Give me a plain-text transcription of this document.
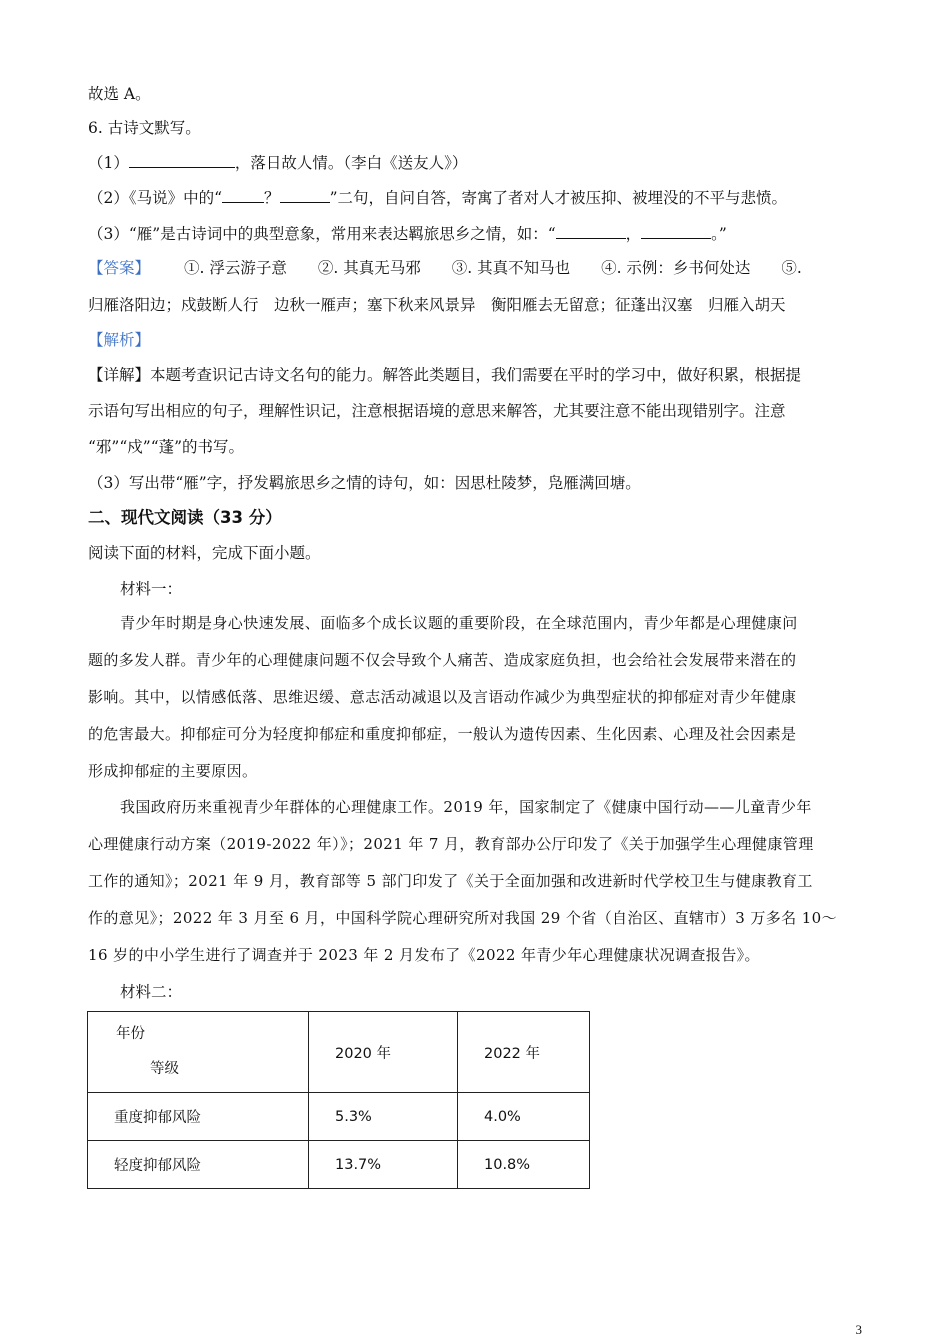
故选 A。
6. 古诗文默写。
（1）	，落日故人情。（李白《送友人》）
（2）《马说》中的“	？	”二句，自问自答，寄寓了者对人才被压抑、被埋没的不平与悲愤。
（3）“雁”是古诗词中的典型意象，常用来表达羁旅思乡之情，如：“	，	。”
【答案】 ①. 浮云游子意　　②. 其真无马邪　　③. 其真不知马也　　④. 示例：乡书何处达　　⑤.
归雁洛阳边；戍鼓断人行　边秋一雁声；塞下秋来风景异　衡阳雁去无留意；征蓬出汉塞　归雁入胡天
【解析】
【详解】本题考查识记古诗文名句的能力。解答此类题目，我们需要在平时的学习中，做好积累，根据提
示语句写出相应的句子，理解性识记，注意根据语境的意思来解答，尤其要注意不能出现错别字。注意
“邪”“戍”“蓬”的书写。
（3）写出带“雁”字，抒发羁旅思乡之情的诗句，如：因思杜陵梦，凫雁满回塘。
二、现代文阅读（33 分）
阅读下面的材料，完成下面小题。
材料一：
青少年时期是身心快速发展、面临多个成长议题的重要阶段，在全球范围内，青少年都是心理健康问
题的多发人群。青少年的心理健康问题不仅会导致个人痛苦、造成家庭负担，也会给社会发展带来潜在的
影响。其中，以情感低落、思维迟缓、意志活动减退以及言语动作减少为典型症状的抑郁症对青少年健康
的危害最大。抑郁症可分为轻度抑郁症和重度抑郁症，一般认为遗传因素、生化因素、心理及社会因素是
形成抑郁症的主要原因。
我国政府历来重视青少年群体的心理健康工作。2019 年，国家制定了《健康中国行动——儿童青少年
心理健康行动方案（2019-2022 年）》；2021 年 7 月，教育部办公厅印发了《关于加强学生心理健康管理
工作的通知》；2021 年 9 月，教育部等 5 部门印发了《关于全面加强和改进新时代学校卫生与健康教育工
作的意见》；2022 年 3 月至 6 月，中国科学院心理研究所对我国 29 个省（自治区、直辖市）3 万多名 10～
16 岁的中小学生进行了调查并于 2023 年 2 月发布了《2022 年青少年心理健康状况调查报告》。
材料二：
年份
等级	2020 年	2022 年
重度抑郁风险	5.3%	4.0%
轻度抑郁风险	13.7%	10.8%
3
